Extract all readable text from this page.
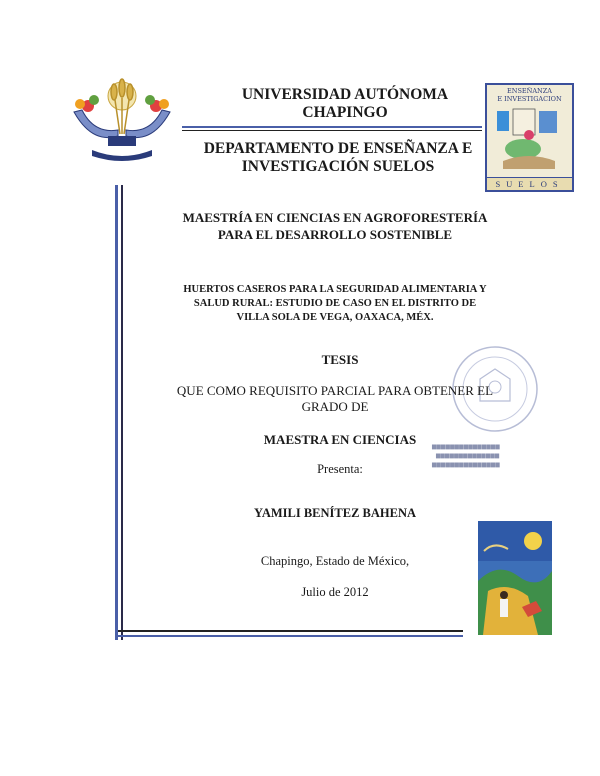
UNIVERSIDAD AUTÓNOMA
CHAPINGO
DEPARTAMENTO DE ENSEÑANZA E
INVESTIGACIÓN SUELOS
ENSEÑANZA
E INVESTIGACION
SUELOS
MAESTRÍA EN CIENCIAS EN AGROFORESTERÍA
PARA EL DESARROLLO SOSTENIBLE
HUERTOS CASEROS PARA LA SEGURIDAD ALIMENTARIA Y
SALUD RURAL: ESTUDIO DE CASO EN EL DISTRITO DE
VILLA SOLA DE VEGA, OAXACA, MÉX.
TESIS
QUE COMO REQUISITO PARCIAL PARA OBTENER EL
GRADO DE
MAESTRA EN CIENCIAS
Presenta:
▆▆▆▆▆▆▆▆▆▆▆▆▆▆▆
▆▆▆▆▆▆▆▆▆▆▆▆▆▆
▆▆▆▆▆▆▆▆▆▆▆▆▆▆▆
YAMILI BENÍTEZ BAHENA
Chapingo, Estado de México,
Julio de 2012
